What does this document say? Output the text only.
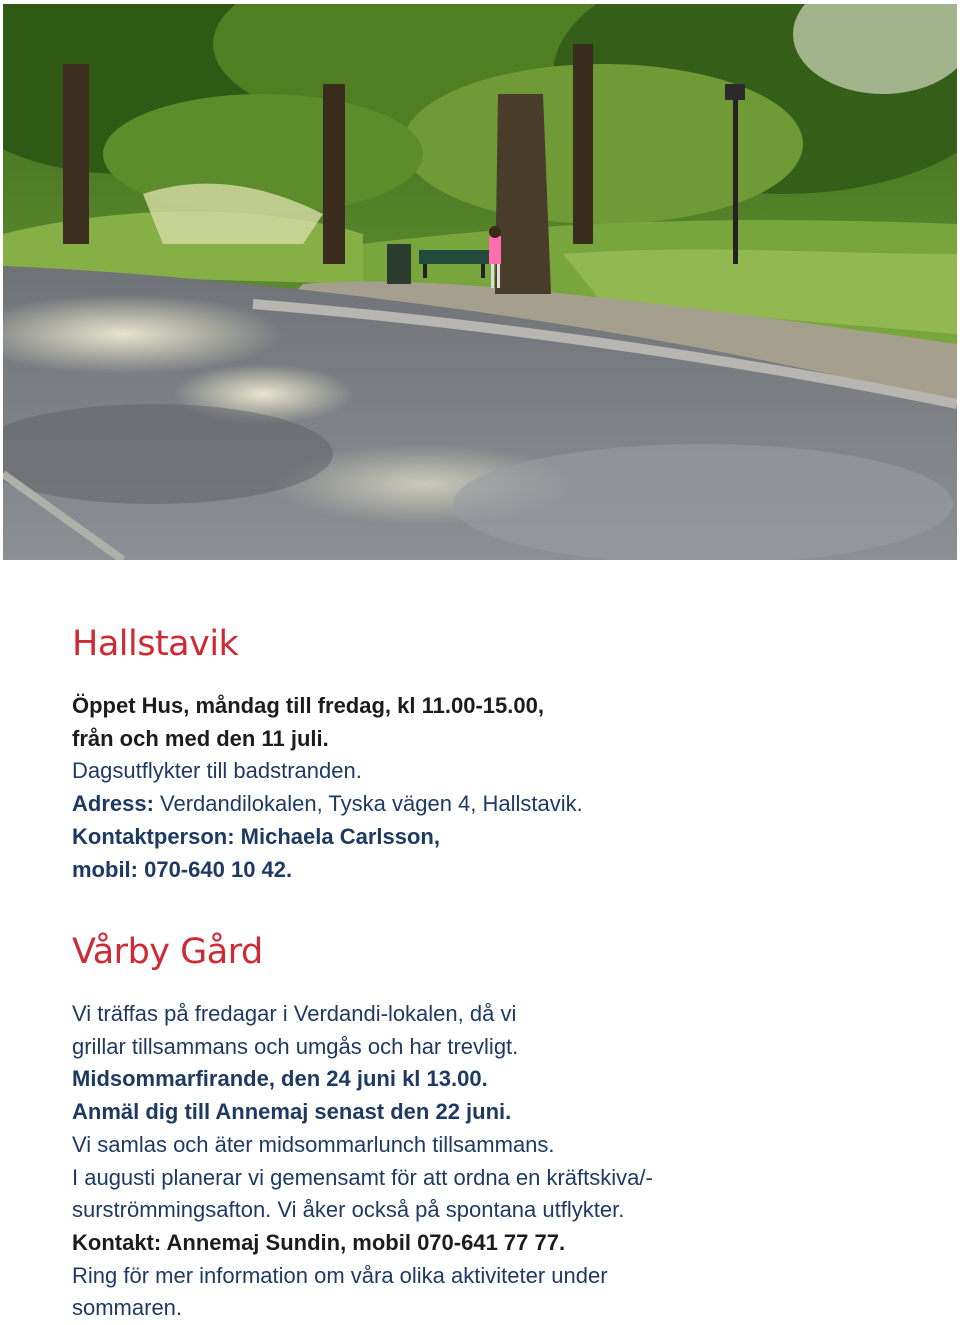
Hallstavik

Öppet Hus, måndag till fredag, kl 11.00-15.00,

från och med den 11 juli.

Dagsutflykter till badstranden.

Adress: Verdandilokalen, Tyska vägen 4, Hallstavik.

Kontaktperson: Michaela Carlsson,

mobil: 070-640 10 42.

Vårby Gård

Vi träffas på fredagar i Verdandi-lokalen, då vi

grillar tillsammans och umgås och har trevligt.

Midsommarfirande, den 24 juni kl 13.00.

Anmäl dig till Annemaj senast den 22 juni.

Vi samlas och äter midsommarlunch tillsammans.

I augusti planerar vi gemensamt för att ordna en kräftskiva/-

surströmmingsafton. Vi åker också på spontana utflykter.

Kontakt: Annemaj Sundin, mobil 070-641 77 77.

Ring för mer information om våra olika aktiviteter under

sommaren.
